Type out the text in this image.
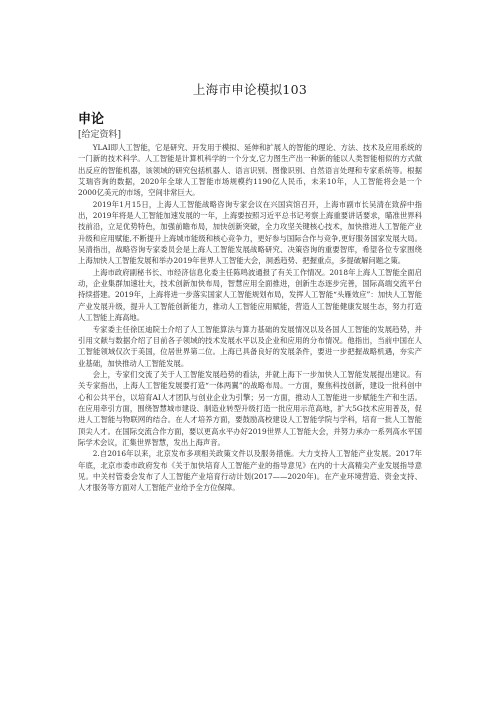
上海市申论模拟103
申论
[给定资料]

YLAI即人工智能，它是研究、开发用于模拟、延伸和扩展人的智能的理论、方法、技术及应用系统的一门新的技术科学。人工智能是计算机科学的一个分支,它力图生产出一种新的能以人类智能相似的方式做出反应的智能机器，该领域的研究包括机器人、语言识别、图像识别、自然语言处理和专家系统等。根据艾瑞咨询的数据，2020年全球人工智能市场规模约1190亿人民币，未来10年，人工智能将会是一个2000亿美元的市场，空间非常巨大。

2019年1月15日，上海人工智能战略咨询专家会议在兴国宾馆召开，上海市副市长吴清在致辞中指出，2019年将是人工智能加速发展的一年，上海要按照习近平总书记考察上海重要讲话要求，瞄准世界科技前沿，立足优势特色，加强前瞻布局，加快创新突破，全力攻坚关键核心技术，加快推进人工智能产业升级和应用赋能,不断提升上海城市能级和核心竞争力，更好参与国际合作与竞争,更好服务国家发展大局。吴清指出，战略咨询专家委员会是上海人工智能发展战略研究、决策咨询的重要智库，希望各位专家围绕上海加快人工智能发展和举办2019年世界人工智能大会，洞悉趋势、把握重点，多提破解问题之策。

上海市政府副秘书长、市经济信息化委主任陈鸣波通报了有关工作情况。2018年上海人工智能全面启动，企业集群加速壮大，技术创新加快布局，智慧应用全面推进，创新生态逐步完善，国际高端交流平台持续搭建。2019年，上海将进一步落实国家人工智能规划布局，发挥人工智能“头雁效应”：加快人工智能产业发展升级，提升人工智能创新能力，推动人工智能应用赋能，营造人工智能健康发展生态，努力打造人工智能上海高地。

专家委主任徐匡迪院士介绍了人工智能算法与算力基础的发展情况以及各国人工智能的发展趋势，并引用文献与数据介绍了目前各子领域的技术发展水平以及企业和应用的分布情况。他指出，当前中国在人工智能领域仅次于美国，位居世界第二位。上海已具备良好的发展条件，要进一步把握战略机遇，夯实产业基础，加快推动人工智能发展。

会上，专家们交流了关于人工智能发展趋势的看法，并就上海下一步加快人工智能发展提出建议。有关专家指出，上海人工智能发展要打造“一体两翼”的战略布局。一方面，聚焦科技创新，建设一批科创中心和公共平台，以培育AI人才团队与创业企业为引擎；另一方面，推动人工智能进一步赋能生产和生活。在应用牵引方面，围绕智慧城市建设、制造业转型升级打造一批应用示范高地，扩大5G技术应用普及，促进人工智能与物联网的结合。在人才培养方面，要鼓励高校建设人工智能学院与学科，培育一批人工智能顶尖人才。在国际交流合作方面，要以更高水平办好2019世界人工智能大会，并努力承办一系列高水平国际学术会议，汇集世界智慧，发出上海声音。

2.自2016年以来，北京发布多项相关政策文件以及服务措施。大力支持人工智能产业发展。2017年年底，北京市委市政府发布《关于加快培育人工智能产业的指导意见》在内的十大高精尖产业发展指导意见。中关村管委会发布了人工智能产业培育行动计划(2017——2020年)。在产业环境营造、资金支持、人才服务等方面对人工智能产业给予全方位保障。
